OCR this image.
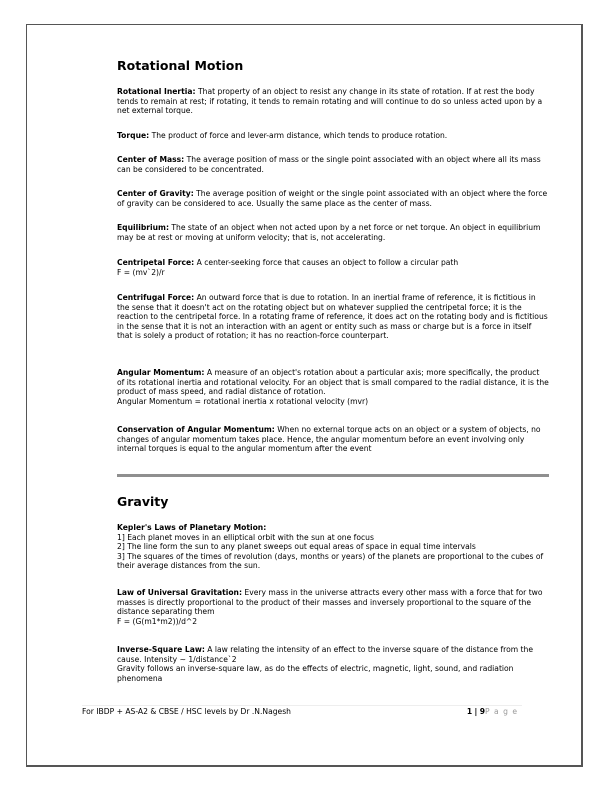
Rotational Motion

Rotational Inertia: That property of an object to resist any change in its state of rotation. If at rest the body tends to remain at rest; if rotating, it tends to remain rotating and will continue to do so unless acted upon by a net external torque.

Torque: The product of force and lever-arm distance, which tends to produce rotation.

Center of Mass: The average position of mass or the single point associated with an object where all its mass can be considered to be concentrated.

Center of Gravity: The average position of weight or the single point associated with an object where the force of gravity can be considered to ace. Usually the same place as the center of mass.

Equilibrium: The state of an object when not acted upon by a net force or net torque. An object in equilibrium may be at rest or moving at uniform velocity; that is, not accelerating.

Centripetal Force: A center-seeking force that causes an object to follow a circular path
F = (mv`2)/r

Centrifugal Force: An outward force that is due to rotation. In an inertial frame of reference, it is fictitious in the sense that it doesn't act on the rotating object but on whatever supplied the centripetal force; it is the reaction to the centripetal force. In a rotating frame of reference, it does act on the rotating body and is fictitious in the sense that it is not an interaction with an agent or entity such as mass or charge but is a force in itself that is solely a product of rotation; it has no reaction-force counterpart.

Angular Momentum: A measure of an object's rotation about a particular axis; more specifically, the product of its rotational inertia and rotational velocity. For an object that is small compared to the radial distance, it is the product of mass speed, and radial distance of rotation.
Angular Momentum = rotational inertia x rotational velocity (mvr)

Conservation of Angular Momentum: When no external torque acts on an object or a system of objects, no changes of angular momentum takes place. Hence, the angular momentum before an event involving only internal torques is equal to the angular momentum after the event

Gravity

Kepler's Laws of Planetary Motion:
1] Each planet moves in an elliptical orbit with the sun at one focus
2] The line form the sun to any planet sweeps out equal areas of space in equal time intervals
3] The squares of the times of revolution (days, months or years) of the planets are proportional to the cubes of their average distances from the sun.

Law of Universal Gravitation: Every mass in the universe attracts every other mass with a force that for two masses is directly proportional to the product of their masses and inversely proportional to the square of the distance separating them
F = (G(m1*m2))/d^2

Inverse-Square Law: A law relating the intensity of an effect to the inverse square of the distance from the cause. Intensity ~ 1/distance`2
Gravity follows an inverse-square law, as do the effects of electric, magnetic, light, sound, and radiation phenomena

For IBDP + AS-A2 & CBSE / HSC levels by Dr .N.Nagesh	1 | 9P a g e
